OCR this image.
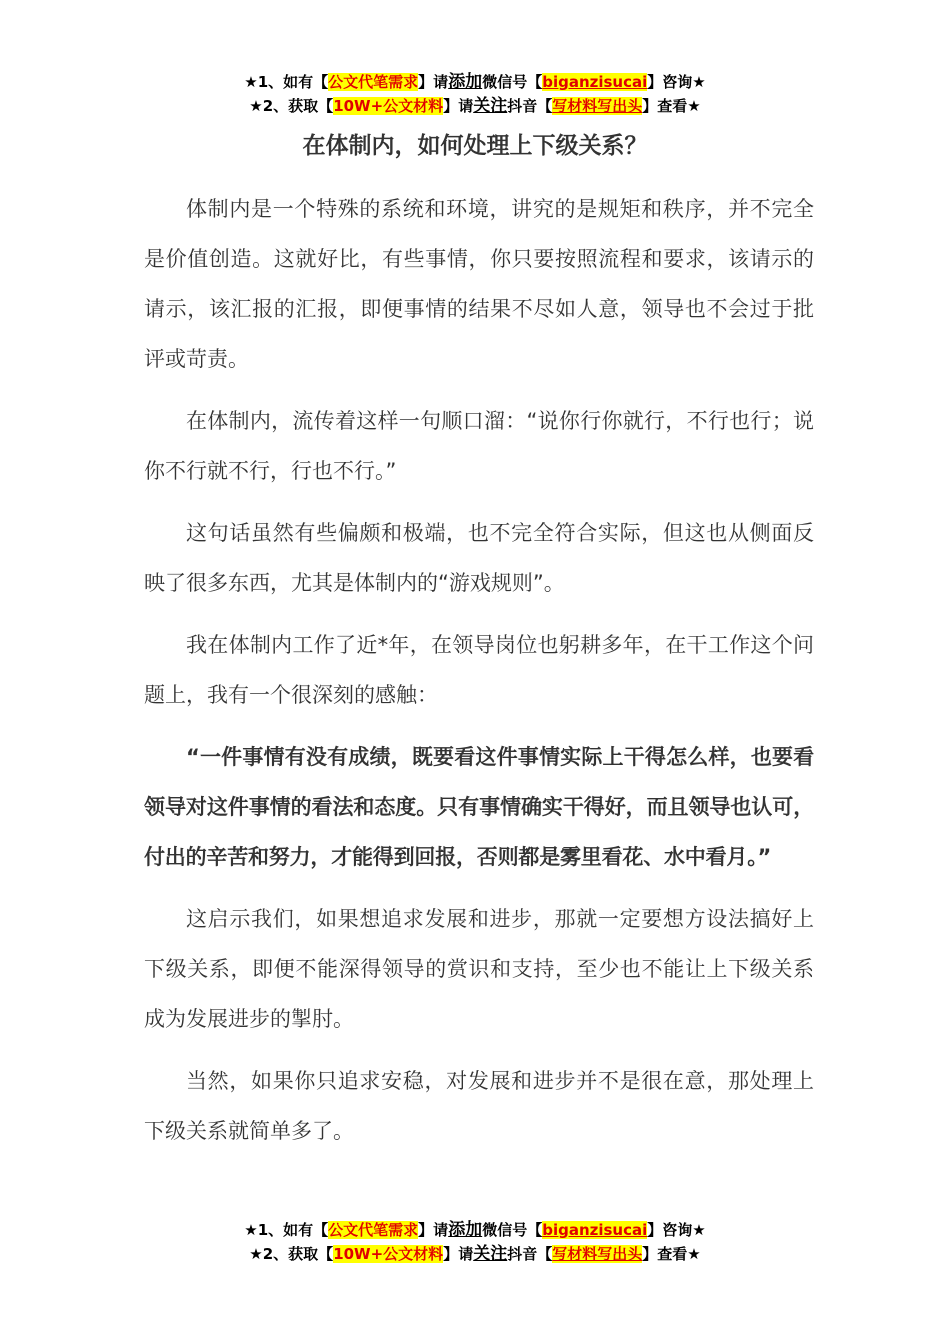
★1、如有【公文代笔需求】请添加微信号【biganzisucai】咨询★
★2、获取【10W+公文材料】请关注抖音【写材料写出头】查看★
在体制内，如何处理上下级关系？

体制内是一个特殊的系统和环境，讲究的是规矩和秩序，并不完全是价值创造。这就好比，有些事情，你只要按照流程和要求，该请示的请示，该汇报的汇报，即便事情的结果不尽如人意，领导也不会过于批评或苛责。

在体制内，流传着这样一句顺口溜：“说你行你就行，不行也行；说你不行就不行，行也不行。”

这句话虽然有些偏颇和极端，也不完全符合实际，但这也从侧面反映了很多东西，尤其是体制内的“游戏规则”。

我在体制内工作了近*年，在领导岗位也躬耕多年，在干工作这个问题上，我有一个很深刻的感触：

“一件事情有没有成绩，既要看这件事情实际上干得怎么样，也要看领导对这件事情的看法和态度。只有事情确实干得好，而且领导也认可，付出的辛苦和努力，才能得到回报，否则都是雾里看花、水中看月。”

这启示我们，如果想追求发展和进步，那就一定要想方设法搞好上下级关系，即便不能深得领导的赏识和支持，至少也不能让上下级关系成为发展进步的掣肘。

当然，如果你只追求安稳，对发展和进步并不是很在意，那处理上下级关系就简单多了。

★1、如有【公文代笔需求】请添加微信号【biganzisucai】咨询★
★2、获取【10W+公文材料】请关注抖音【写材料写出头】查看★
